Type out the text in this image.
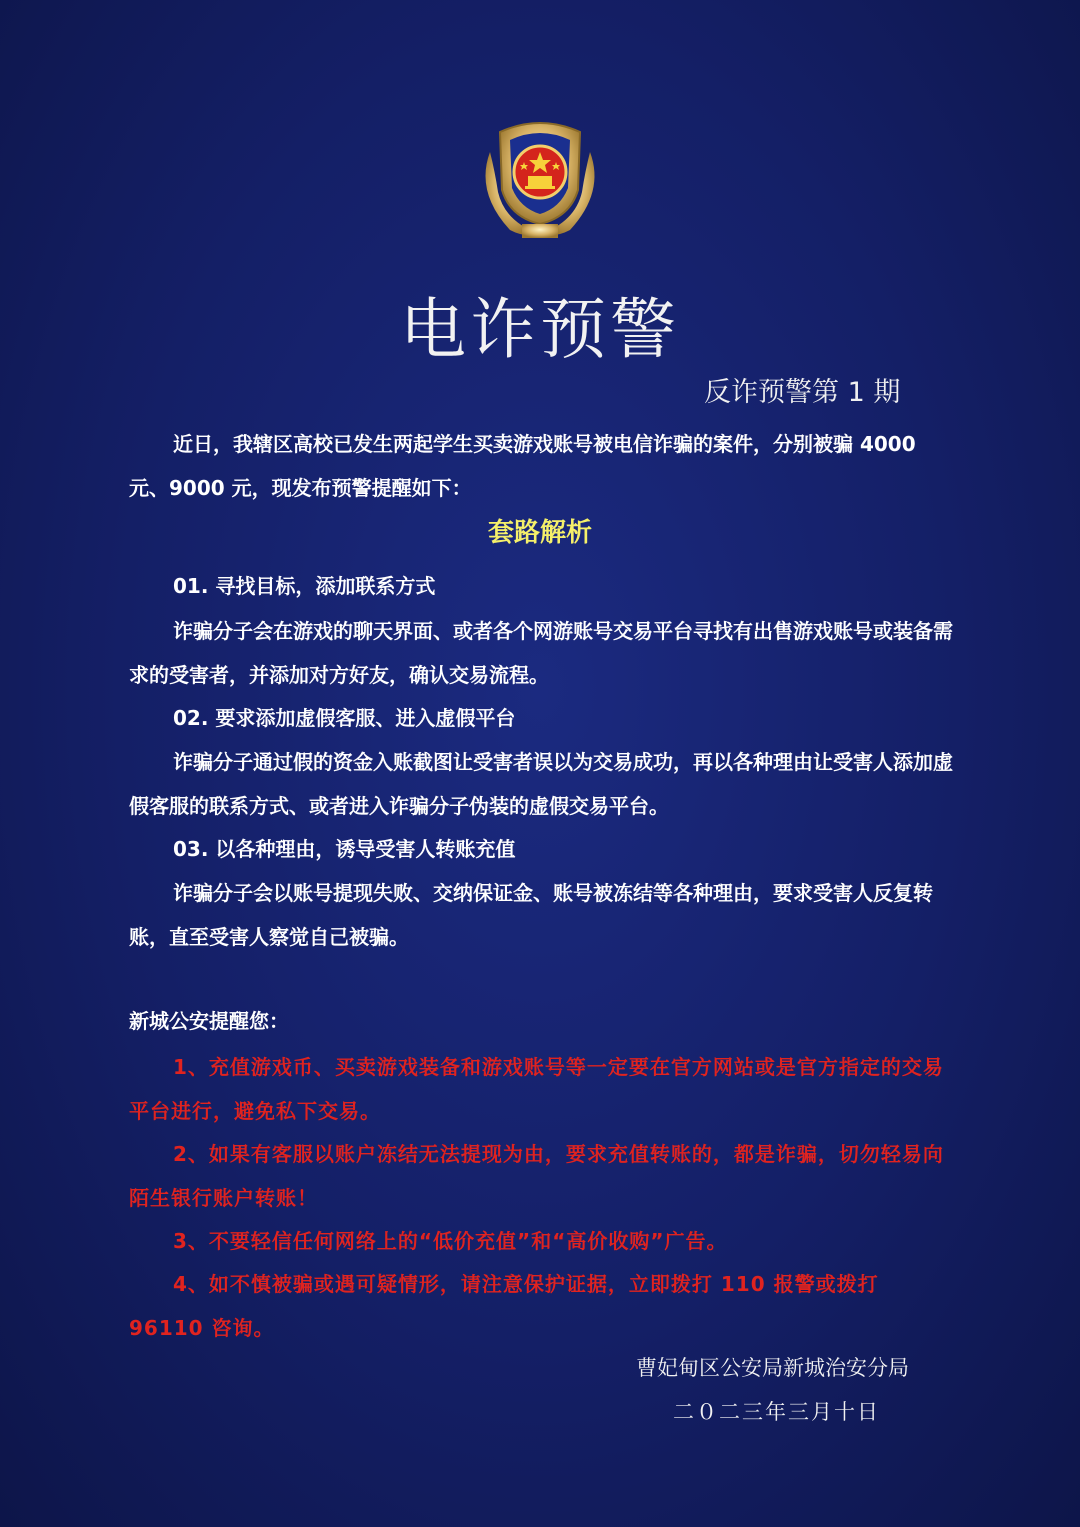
电诈预警
反诈预警第 1 期
近日，我辖区高校已发生两起学生买卖游戏账号被电信诈骗的案件，分别被骗 4000 元、9000 元，现发布预警提醒如下：
套路解析
01. 寻找目标，添加联系方式
诈骗分子会在游戏的聊天界面、或者各个网游账号交易平台寻找有出售游戏账号或装备需求的受害者，并添加对方好友，确认交易流程。
02. 要求添加虚假客服、进入虚假平台
诈骗分子通过假的资金入账截图让受害者误以为交易成功，再以各种理由让受害人添加虚假客服的联系方式、或者进入诈骗分子伪装的虚假交易平台。
03. 以各种理由，诱导受害人转账充值
诈骗分子会以账号提现失败、交纳保证金、账号被冻结等各种理由，要求受害人反复转账，直至受害人察觉自己被骗。
新城公安提醒您：
1、充值游戏币、买卖游戏装备和游戏账号等一定要在官方网站或是官方指定的交易平台进行，避免私下交易。
2、如果有客服以账户冻结无法提现为由，要求充值转账的，都是诈骗，切勿轻易向陌生银行账户转账！
3、不要轻信任何网络上的“低价充值”和“高价收购”广告。
4、如不慎被骗或遇可疑情形，请注意保护证据，立即拨打 110 报警或拨打 96110 咨询。
曹妃甸区公安局新城治安分局
二０二三年三月十日
